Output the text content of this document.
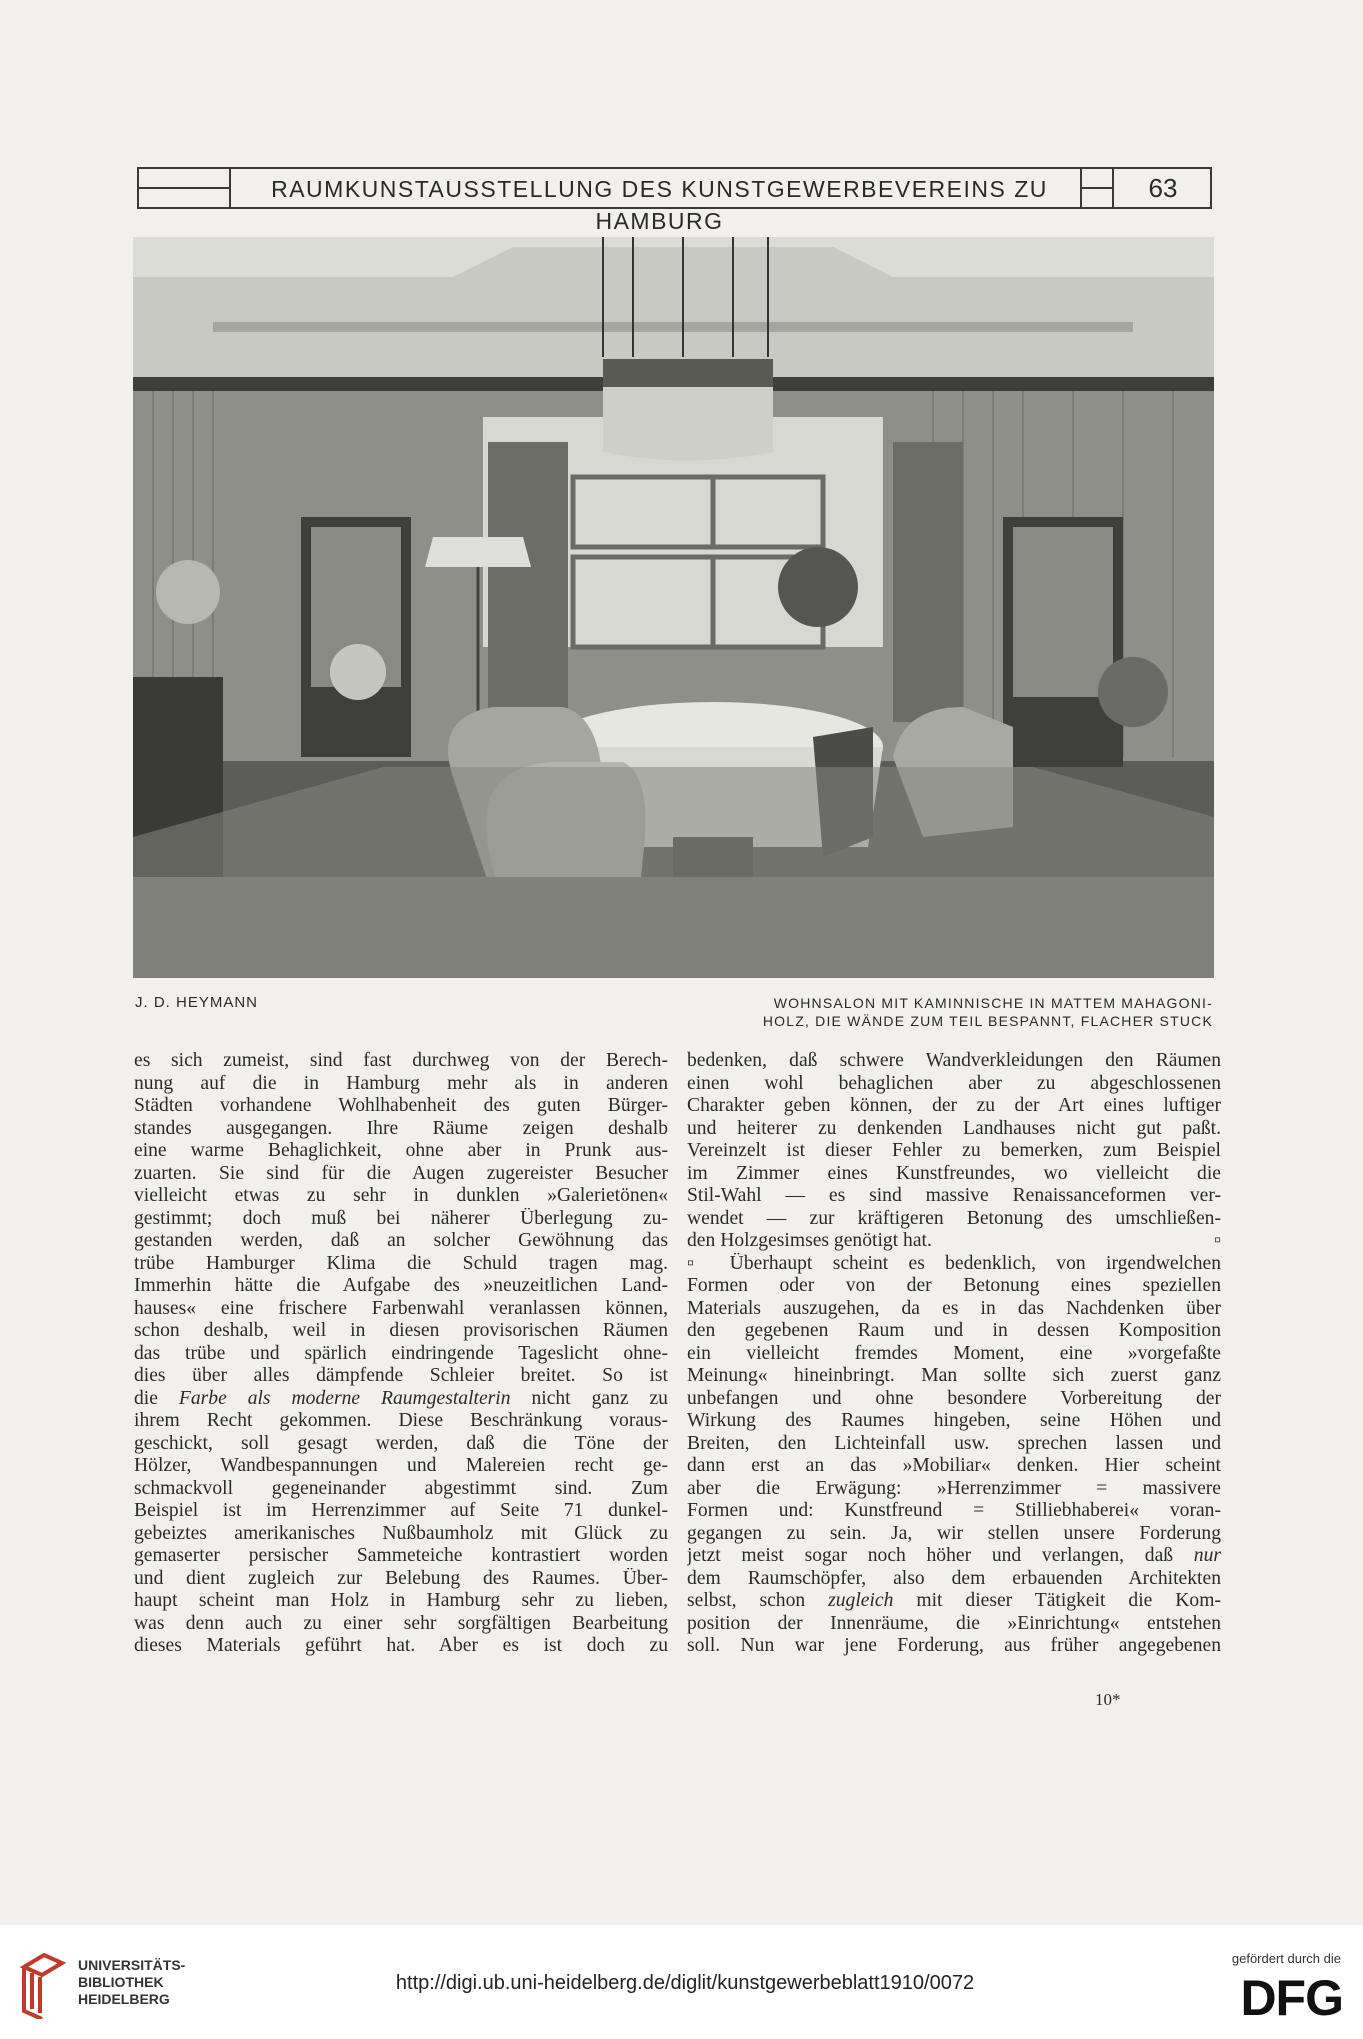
RAUMKUNSTAUSSTELLUNG DES KUNSTGEWERBEVEREINS ZU HAMBURG
63
J. D. HEYMANN	WOHNSALON MIT KAMINNISCHE IN MATTEM MAHAGONI-
HOLZ, DIE WÄNDE ZUM TEIL BESPANNT, FLACHER STUCK
es sich zumeist, sind fast durchweg von der Berech-
nung auf die in Hamburg mehr als in anderen
Städten vorhandene Wohlhabenheit des guten Bürger-
standes ausgegangen. Ihre Räume zeigen deshalb
eine warme Behaglichkeit, ohne aber in Prunk aus-
zuarten. Sie sind für die Augen zugereister Besucher
vielleicht etwas zu sehr in dunklen »Galerietönen«
gestimmt; doch muß bei näherer Überlegung zu-
gestanden werden, daß an solcher Gewöhnung das
trübe Hamburger Klima die Schuld tragen mag.
Immerhin hätte die Aufgabe des »neuzeitlichen Land-
hauses« eine frischere Farbenwahl veranlassen können,
schon deshalb, weil in diesen provisorischen Räumen
das trübe und spärlich eindringende Tageslicht ohne-
dies über alles dämpfende Schleier breitet. So ist
die Farbe als moderne Raumgestalterin nicht ganz zu
ihrem Recht gekommen. Diese Beschränkung voraus-
geschickt, soll gesagt werden, daß die Töne der
Hölzer, Wandbespannungen und Malereien recht ge-
schmackvoll gegeneinander abgestimmt sind. Zum
Beispiel ist im Herrenzimmer auf Seite 71 dunkel-
gebeiztes amerikanisches Nußbaumholz mit Glück zu
gemaserter persischer Sammeteiche kontrastiert worden
und dient zugleich zur Belebung des Raumes. Über-
haupt scheint man Holz in Hamburg sehr zu lieben,
was denn auch zu einer sehr sorgfältigen Bearbeitung
dieses Materials geführt hat. Aber es ist doch zu
bedenken, daß schwere Wandverkleidungen den Räumen
einen wohl behaglichen aber zu abgeschlossenen
Charakter geben können, der zu der Art eines luftiger
und heiterer zu denkenden Landhauses nicht gut paßt.
Vereinzelt ist dieser Fehler zu bemerken, zum Beispiel
im Zimmer eines Kunstfreundes, wo vielleicht die
Stil-Wahl — es sind massive Renaissanceformen ver-
wendet — zur kräftigeren Betonung des umschließen-
den Holzgesimses genötigt hat.	▫
▫ Überhaupt scheint es bedenklich, von irgendwelchen
Formen oder von der Betonung eines speziellen
Materials auszugehen, da es in das Nachdenken über
den gegebenen Raum und in dessen Komposition
ein vielleicht fremdes Moment, eine »vorgefaßte
Meinung« hineinbringt. Man sollte sich zuerst ganz
unbefangen und ohne besondere Vorbereitung der
Wirkung des Raumes hingeben, seine Höhen und
Breiten, den Lichteinfall usw. sprechen lassen und
dann erst an das »Mobiliar« denken. Hier scheint
aber die Erwägung: »Herrenzimmer = massivere
Formen und: Kunstfreund = Stilliebhaberei« voran-
gegangen zu sein. Ja, wir stellen unsere Forderung
jetzt meist sogar noch höher und verlangen, daß nur
dem Raumschöpfer, also dem erbauenden Architekten
selbst, schon zugleich mit dieser Tätigkeit die Kom-
position der Innenräume, die »Einrichtung« entstehen
soll. Nun war jene Forderung, aus früher angegebenen
10*
UNIVERSITÄTS-
BIBLIOTHEK
HEIDELBERG
http://digi.ub.uni-heidelberg.de/diglit/kunstgewerbeblatt1910/0072
gefördert durch die
DFG
